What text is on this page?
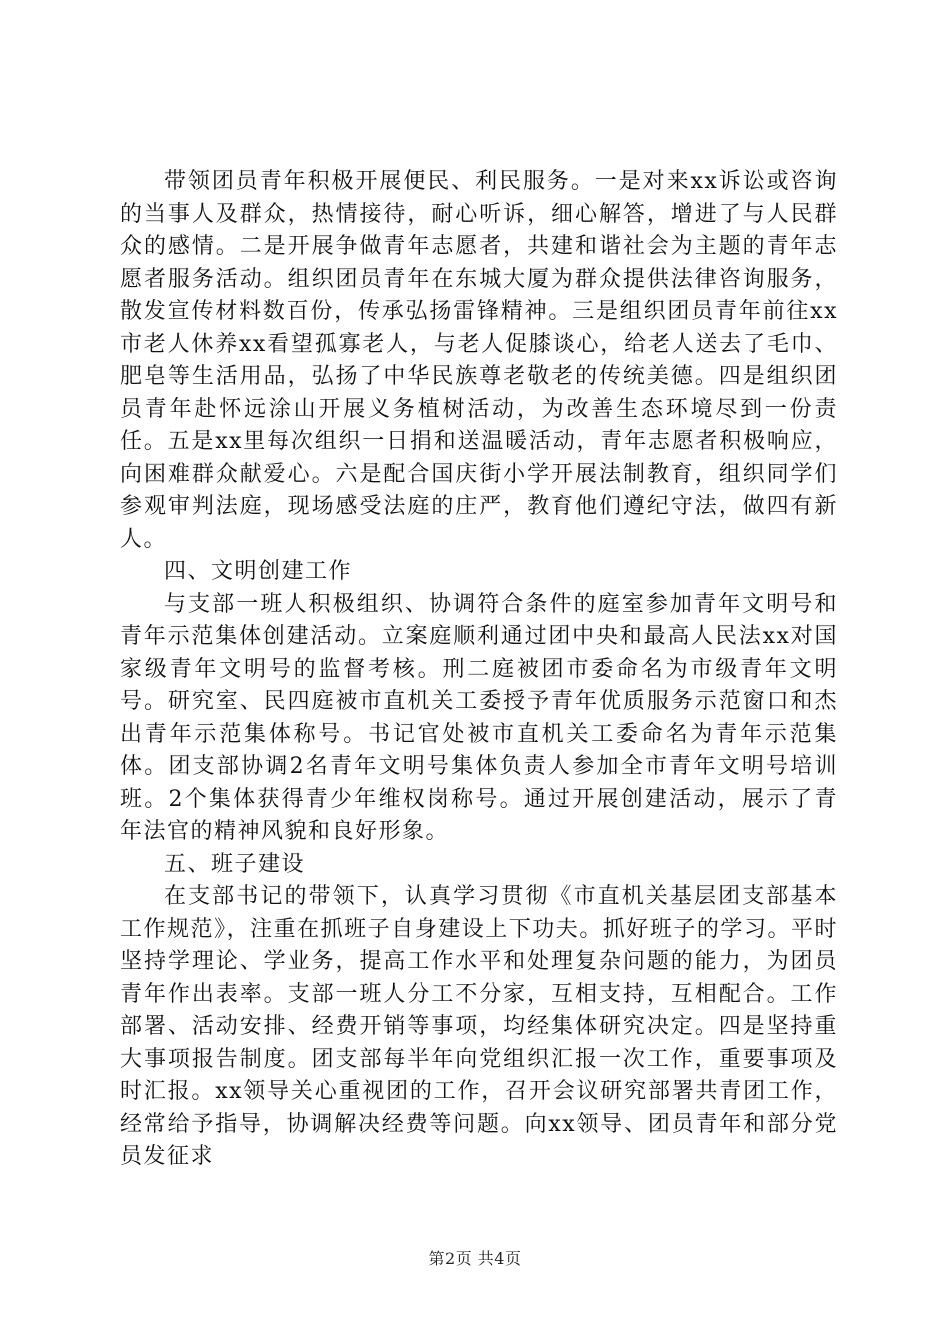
带领团员青年积极开展便民、利民服务。一是对来xx诉讼或咨询的当事人及群众，热情接待，耐心听诉，细心解答，增进了与人民群众的感情。二是开展争做青年志愿者，共建和谐社会为主题的青年志愿者服务活动。组织团员青年在东城大厦为群众提供法律咨询服务，散发宣传材料数百份，传承弘扬雷锋精神。三是组织团员青年前往xx市老人休养xx看望孤寡老人，与老人促膝谈心，给老人送去了毛巾、肥皂等生活用品，弘扬了中华民族尊老敬老的传统美德。四是组织团员青年赴怀远涂山开展义务植树活动，为改善生态环境尽到一份责任。五是xx里每次组织一日捐和送温暖活动，青年志愿者积极响应，向困难群众献爱心。六是配合国庆街小学开展法制教育，组织同学们参观审判法庭，现场感受法庭的庄严，教育他们遵纪守法，做四有新人。

四、文明创建工作

与支部一班人积极组织、协调符合条件的庭室参加青年文明号和青年示范集体创建活动。立案庭顺利通过团中央和最高人民法xx对国家级青年文明号的监督考核。刑二庭被团市委命名为市级青年文明号。研究室、民四庭被市直机关工委授予青年优质服务示范窗口和杰出青年示范集体称号。书记官处被市直机关工委命名为青年示范集体。团支部协调2名青年文明号集体负责人参加全市青年文明号培训班。2个集体获得青少年维权岗称号。通过开展创建活动，展示了青年法官的精神风貌和良好形象。

五、班子建设

在支部书记的带领下，认真学习贯彻《市直机关基层团支部基本工作规范》，注重在抓班子自身建设上下功夫。抓好班子的学习。平时坚持学理论、学业务，提高工作水平和处理复杂问题的能力，为团员青年作出表率。支部一班人分工不分家，互相支持，互相配合。工作部署、活动安排、经费开销等事项，均经集体研究决定。四是坚持重大事项报告制度。团支部每半年向党组织汇报一次工作，重要事项及时汇报。xx领导关心重视团的工作，召开会议研究部署共青团工作，经常给予指导，协调解决经费等问题。向xx领导、团员青年和部分党员发征求

第2页 共4页
